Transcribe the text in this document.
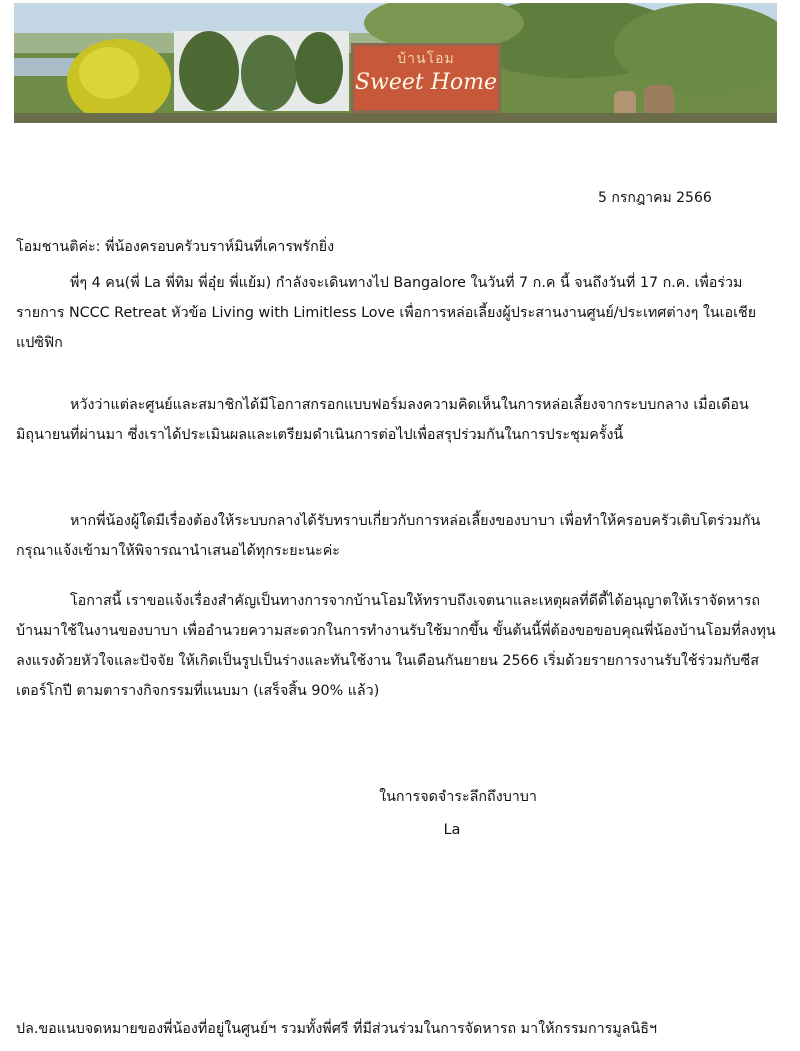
บ้านโอม
Sweet Home
5 กรกฎาคม 2566

โอมชานติค่ะ: พี่น้องครอบครัวบราห์มินที่เคารพรักยิ่ง

พี่ๆ 4 คน(พี่ La พี่ทิม พี่อุ๋ย พี่แย้ม) กำลังจะเดินทางไป Bangalore ในวันที่ 7 ก.ค นี้ จนถึงวันที่ 17 ก.ค. เพื่อร่วมรายการ NCCC Retreat หัวข้อ Living with Limitless Love เพื่อการหล่อเลี้ยงผู้ประสานงานศูนย์/ประเทศต่างๆ ในเอเชียแปซิฟิก

หวังว่าแต่ละศูนย์และสมาชิกได้มีโอกาสกรอกแบบฟอร์มลงความคิดเห็นในการหล่อเลี้ยงจากระบบกลาง เมื่อเดือน มิถุนายนที่ผ่านมา ซึ่งเราได้ประเมินผลและเตรียมดำเนินการต่อไปเพื่อสรุปร่วมกันในการประชุมครั้งนี้

หากพี่น้องผู้ใดมีเรื่องต้องให้ระบบกลางได้รับทราบเกี่ยวกับการหล่อเลี้ยงของบาบา เพื่อทำให้ครอบครัวเติบโตร่วมกัน กรุณาแจ้งเข้ามาให้พิจารณานำเสนอได้ทุกระยะนะค่ะ

โอกาสนี้ เราขอแจ้งเรื่องสำคัญเป็นทางการจากบ้านโอมให้ทราบถึงเจตนาและเหตุผลที่ดีดี้ได้อนุญาตให้เราจัดหารถบ้านมาใช้ในงานของบาบา เพื่ออำนวยความสะดวกในการทำงานรับใช้มากขึ้น ขั้นต้นนี้พี่ต้องขอขอบคุณพี่น้องบ้านโอมที่ลงทุน ลงแรงด้วยหัวใจและปัจจัย ให้เกิดเป็นรูปเป็นร่างและทันใช้งาน ในเดือนกันยายน 2566 เริ่มด้วยรายการงานรับใช้ร่วมกับซีสเตอร์โกปี ตามตารางกิจกรรมที่แนบมา (เสร็จสิ้น 90% แล้ว)

ในการจดจำระลึกถึงบาบา
La

ปล.ขอแนบจดหมายของพี่น้องที่อยู่ในศูนย์ฯ รวมทั้งพี่ศรี ที่มีส่วนร่วมในการจัดหารถ มาให้กรรมการมูลนิธิฯ
